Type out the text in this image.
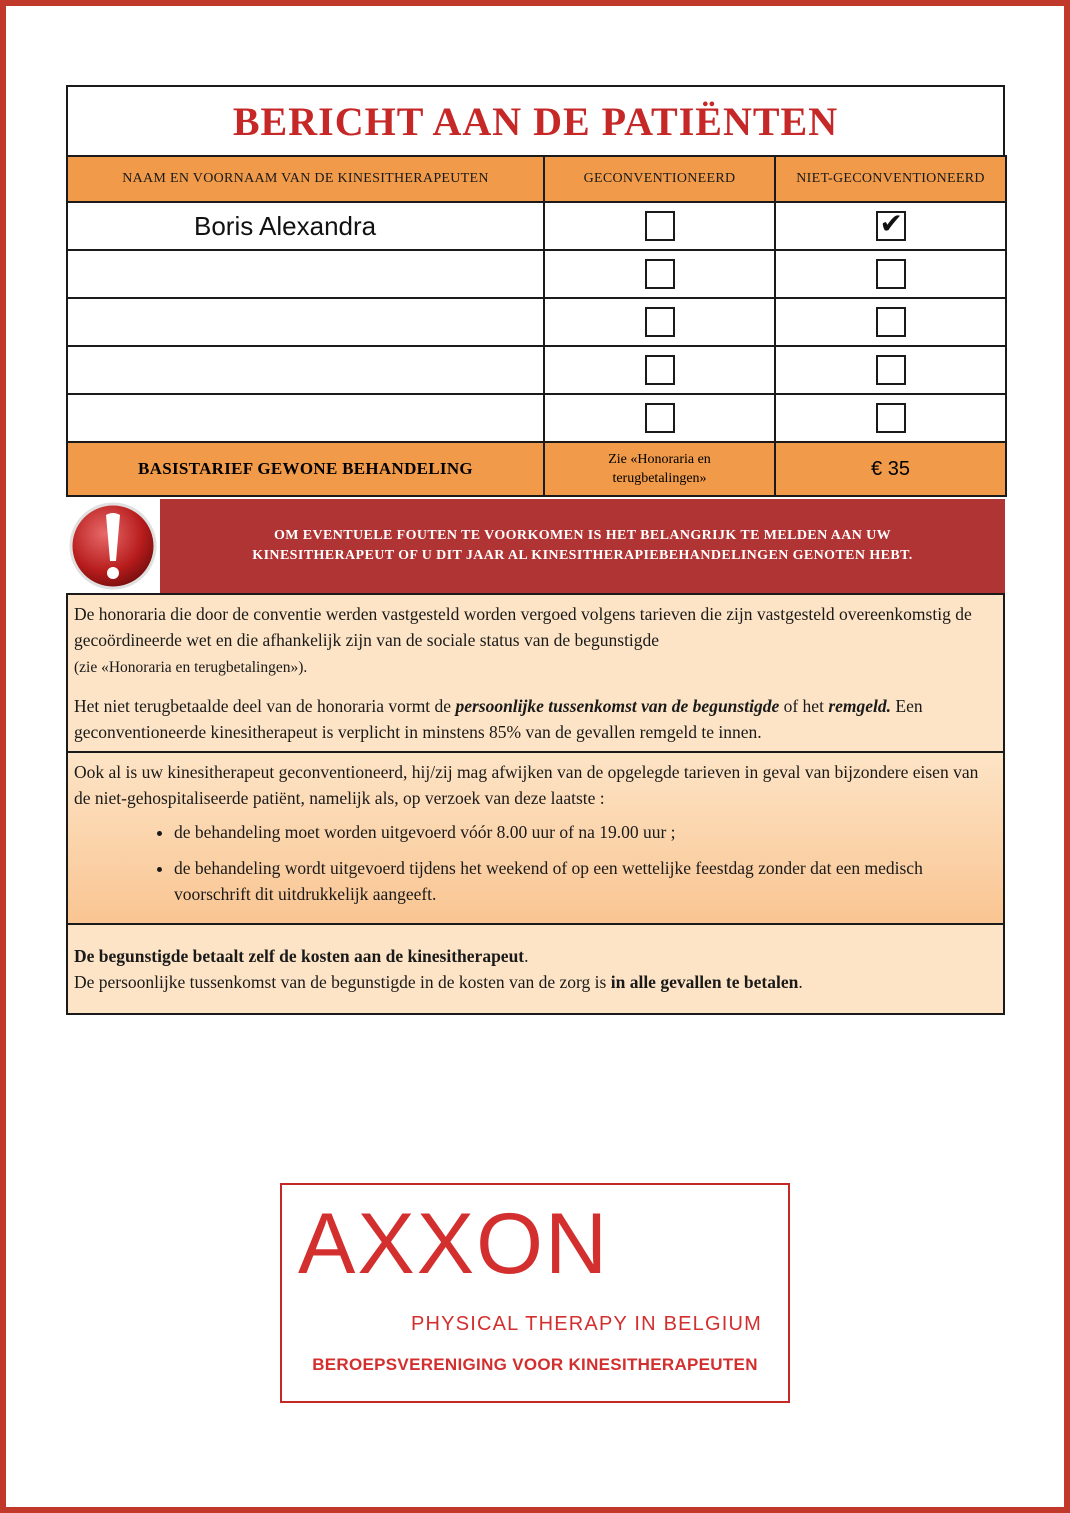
BERICHT AAN DE PATIËNTEN
NAAM EN VOORNAAM VAN DE KINESITHERAPEUTEN	GECONVENTIONEERD	NIET-GECONVENTIONEERD
Boris Alexandra		✔

BASISTARIEF GEWONE BEHANDELING	Zie «Honoraria en
terugbetalingen»	€ 35
OM EVENTUELE FOUTEN TE VOORKOMEN IS HET BELANGRIJK TE MELDEN AAN UW
KINESITHERAPEUT OF U DIT JAAR AL KINESITHERAPIEBEHANDELINGEN GENOTEN HEBT.

De honoraria die door de conventie werden vastgesteld worden vergoed volgens tarieven die zijn vastgesteld overeenkomstig de gecoördineerde wet en die afhankelijk zijn van de sociale status van de begunstigde
(zie «Honoraria en terugbetalingen»).

Het niet terugbetaalde deel van de honoraria vormt de persoonlijke tussenkomst van de begunstigde of het remgeld. Een geconventioneerde kinesitherapeut is verplicht in minstens 85% van de gevallen remgeld te innen.

Ook al is uw kinesitherapeut geconventioneerd, hij/zij mag afwijken van de opgelegde tarieven in geval van bijzondere eisen van de niet-gehospitaliseerde patiënt, namelijk als, op verzoek van deze laatste :

• de behandeling moet worden uitgevoerd vóór 8.00 uur of na 19.00 uur ;
• de behandeling wordt uitgevoerd tijdens het weekend of op een wettelijke feestdag zonder dat een medisch voorschrift dit uitdrukkelijk aangeeft.

De begunstigde betaalt zelf de kosten aan de kinesitherapeut.

De persoonlijke tussenkomst van de begunstigde in de kosten van de zorg is in alle gevallen te betalen.

AXXON
PHYSICAL THERAPY IN BELGIUM
BEROEPSVERENIGING VOOR KINESITHERAPEUTEN
